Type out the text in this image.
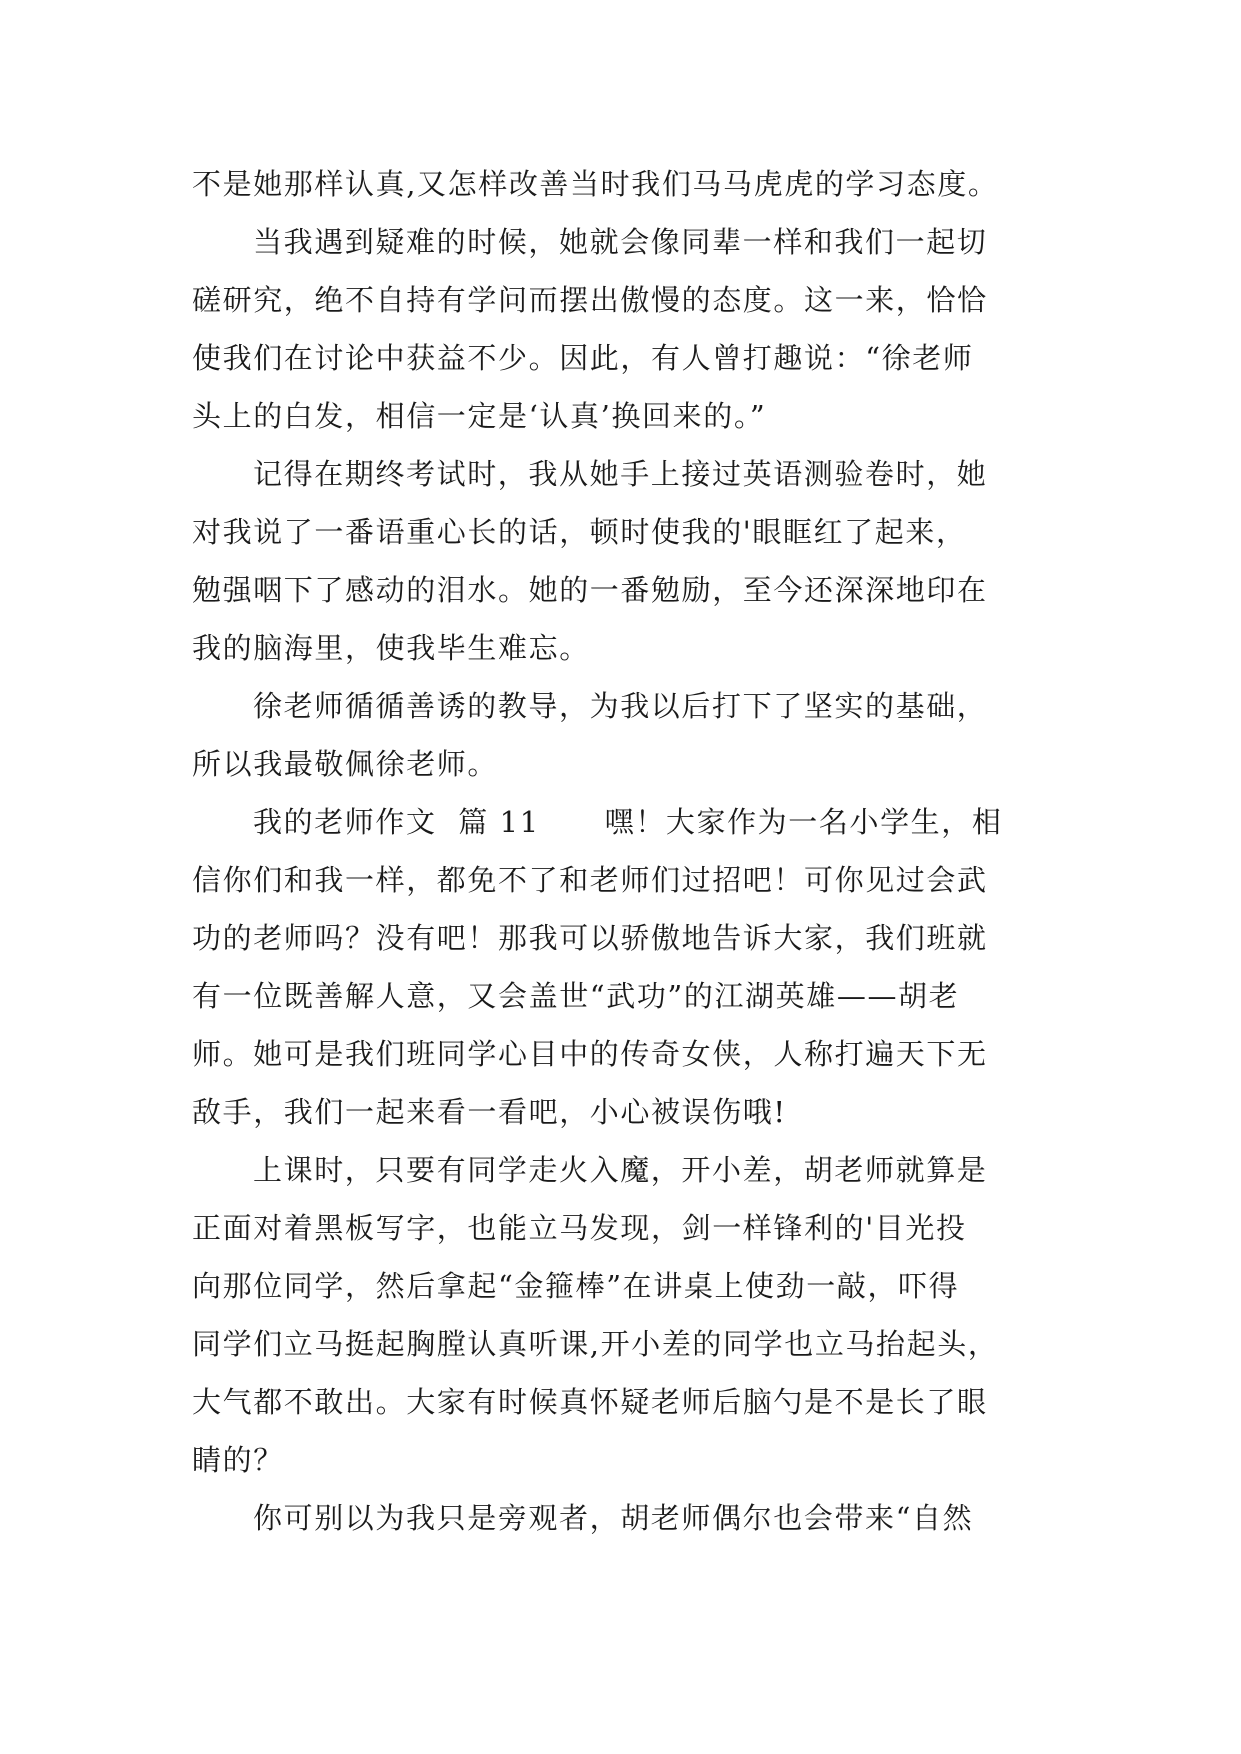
不是她那样认真,又怎样改善当时我们马马虎虎的学习态度。
当我遇到疑难的时候，她就会像同辈一样和我们一起切
磋研究，绝不自持有学问而摆出傲慢的态度。这一来，恰恰
使我们在讨论中获益不少。因此，有人曾打趣说：“徐老师
头上的白发，相信一定是‘认真’换回来的。”
记得在期终考试时，我从她手上接过英语测验卷时，她
对我说了一番语重心长的话，顿时使我的'眼眶红了起来，
勉强咽下了感动的泪水。她的一番勉励，至今还深深地印在
我的脑海里，使我毕生难忘。
徐老师循循善诱的教导，为我以后打下了坚实的基础，
所以我最敬佩徐老师。
我的老师作文  篇 11      嘿！大家作为一名小学生，相
信你们和我一样，都免不了和老师们过招吧！可你见过会武
功的老师吗？没有吧！那我可以骄傲地告诉大家，我们班就
有一位既善解人意，又会盖世“武功”的江湖英雄——胡老
师。她可是我们班同学心目中的传奇女侠，人称打遍天下无
敌手，我们一起来看一看吧，小心被误伤哦!
上课时，只要有同学走火入魔，开小差，胡老师就算是
正面对着黑板写字，也能立马发现，剑一样锋利的'目光投
向那位同学，然后拿起“金箍棒”在讲桌上使劲一敲，吓得
同学们立马挺起胸膛认真听课,开小差的同学也立马抬起头，
大气都不敢出。大家有时候真怀疑老师后脑勺是不是长了眼
睛的？
你可别以为我只是旁观者，胡老师偶尔也会带来“自然
